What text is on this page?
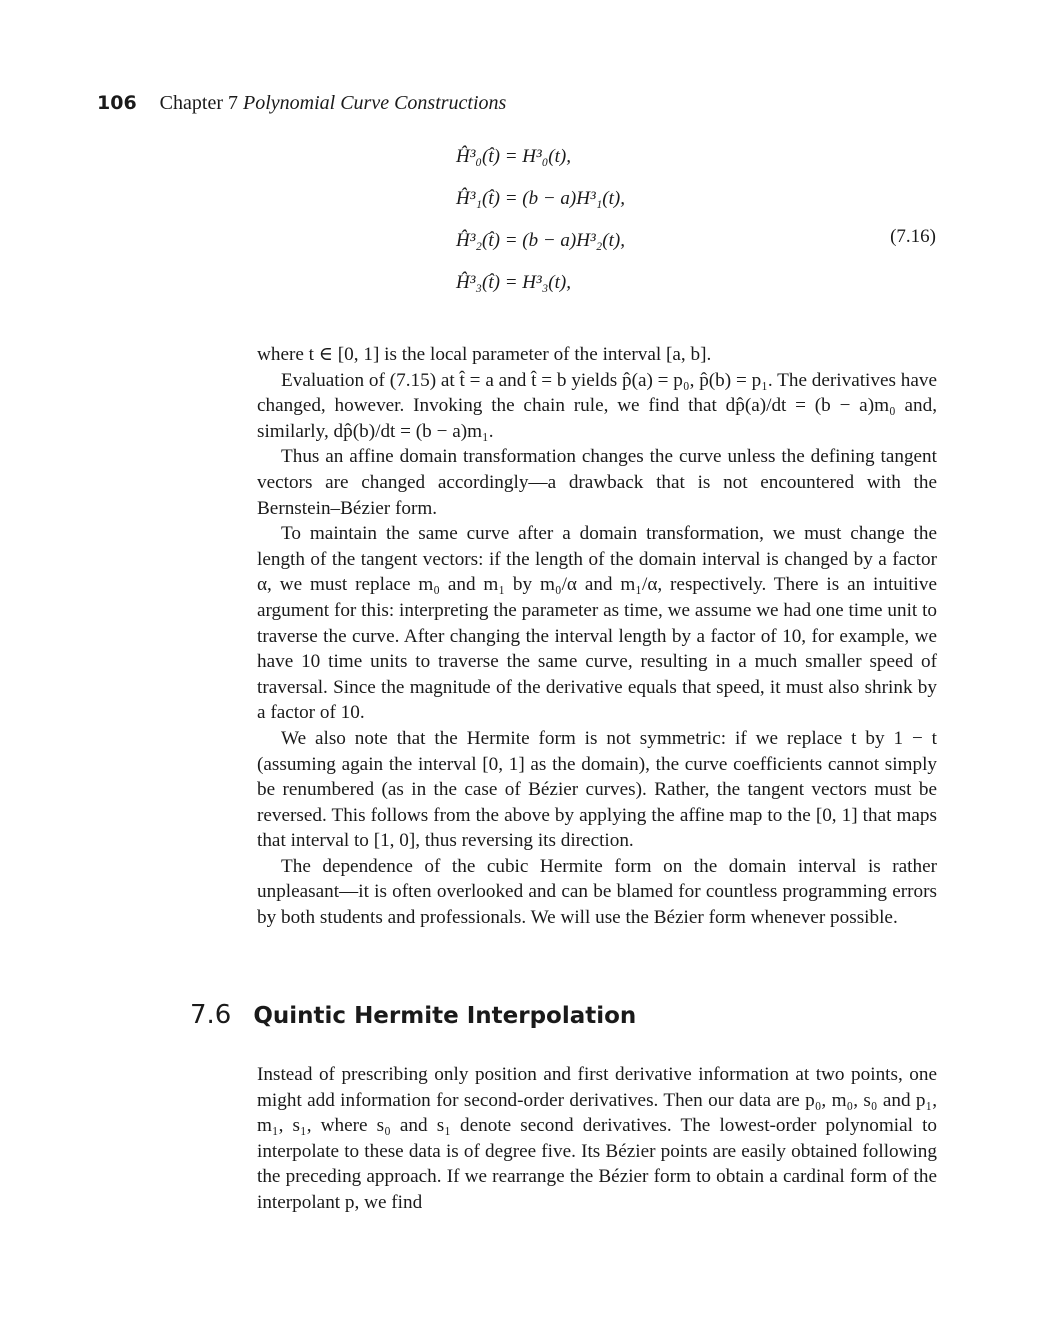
106 Chapter 7 Polynomial Curve Constructions
Ĥ³₀(t̂) = H³₀(t),
Ĥ³₁(t̂) = (b − a)H³₁(t),
Ĥ³₂(t̂) = (b − a)H³₂(t),
Ĥ³₃(t̂) = H³₃(t),
(7.16)

where t ∈ [0, 1] is the local parameter of the interval [a, b].

Evaluation of (7.15) at t̂ = a and t̂ = b yields p̂(a) = p₀, p̂(b) = p₁. The derivatives have changed, however. Invoking the chain rule, we find that dp̂(a)/dt = (b − a)m₀ and, similarly, dp̂(b)/dt = (b − a)m₁.

Thus an affine domain transformation changes the curve unless the defining tangent vectors are changed accordingly—a drawback that is not encountered with the Bernstein–Bézier form.

To maintain the same curve after a domain transformation, we must change the length of the tangent vectors: if the length of the domain interval is changed by a factor α, we must replace m₀ and m₁ by m₀/α and m₁/α, respectively. There is an intuitive argument for this: interpreting the parameter as time, we assume we had one time unit to traverse the curve. After changing the interval length by a factor of 10, for example, we have 10 time units to traverse the same curve, resulting in a much smaller speed of traversal. Since the magnitude of the derivative equals that speed, it must also shrink by a factor of 10.

We also note that the Hermite form is not symmetric: if we replace t by 1 − t (assuming again the interval [0, 1] as the domain), the curve coefficients cannot simply be renumbered (as in the case of Bézier curves). Rather, the tangent vectors must be reversed. This follows from the above by applying the affine map to the [0, 1] that maps that interval to [1, 0], thus reversing its direction.

The dependence of the cubic Hermite form on the domain interval is rather unpleasant—it is often overlooked and can be blamed for countless programming errors by both students and professionals. We will use the Bézier form whenever possible.

7.6 Quintic Hermite Interpolation

Instead of prescribing only position and first derivative information at two points, one might add information for second-order derivatives. Then our data are p₀, m₀, s₀ and p₁, m₁, s₁, where s₀ and s₁ denote second derivatives. The lowest-order polynomial to interpolate to these data is of degree five. Its Bézier points are easily obtained following the preceding approach. If we rearrange the Bézier form to obtain a cardinal form of the interpolant p, we find
